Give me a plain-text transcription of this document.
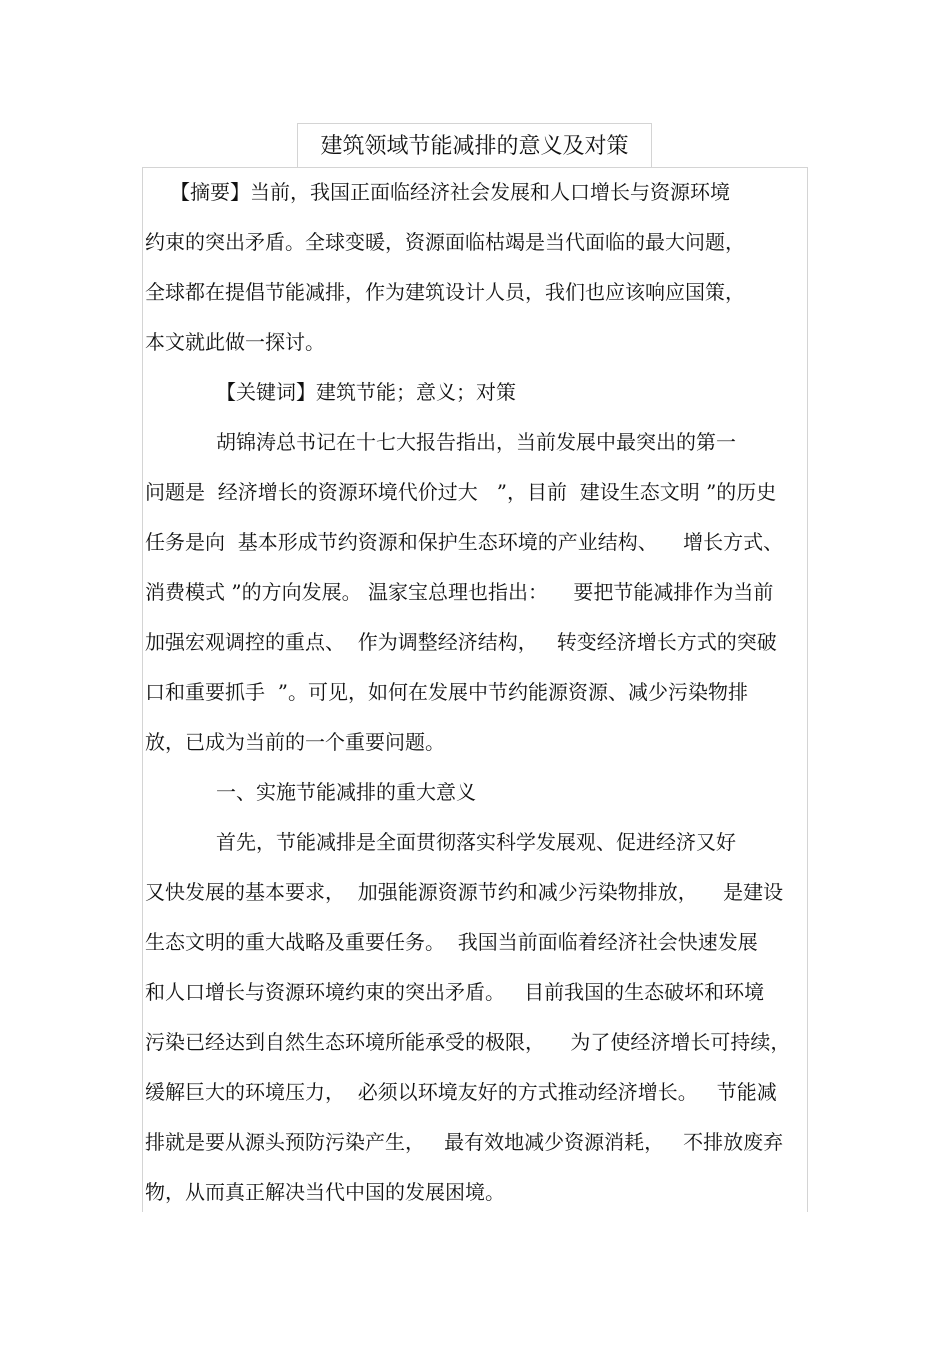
建筑领域节能减排的意义及对策
【摘要】当前，我国正面临经济社会发展和人口增长与资源环境
约束的突出矛盾。全球变暖，资源面临枯竭是当代面临的最大问题，
全球都在提倡节能减排，作为建筑设计人员，我们也应该响应国策，
本文就此做一探讨。
【关键词】建筑节能；意义；对策
胡锦涛总书记在十七大报告指出，当前发展中最突出的第一
问题是  经济增长的资源环境代价过大   ”，目前  建设生态文明 ”的历史
任务是向  基本形成节约资源和保护生态环境的产业结构、    增长方式、
消费模式 ”的方向发展。 温家宝总理也指出：    要把节能减排作为当前
加强宏观调控的重点、  作为调整经济结构，   转变经济增长方式的突破
口和重要抓手  ”。可见，如何在发展中节约能源资源、减少污染物排
放，已成为当前的一个重要问题。
一、实施节能减排的重大意义
首先，节能减排是全面贯彻落实科学发展观、促进经济又好
又快发展的基本要求，  加强能源资源节约和减少污染物排放，    是建设
生态文明的重大战略及重要任务。  我国当前面临着经济社会快速发展
和人口增长与资源环境约束的突出矛盾。   目前我国的生态破坏和环境
污染已经达到自然生态环境所能承受的极限，    为了使经济增长可持续，
缓解巨大的环境压力，  必须以环境友好的方式推动经济增长。   节能减
排就是要从源头预防污染产生，   最有效地减少资源消耗，   不排放废弃
物，从而真正解决当代中国的发展困境。
